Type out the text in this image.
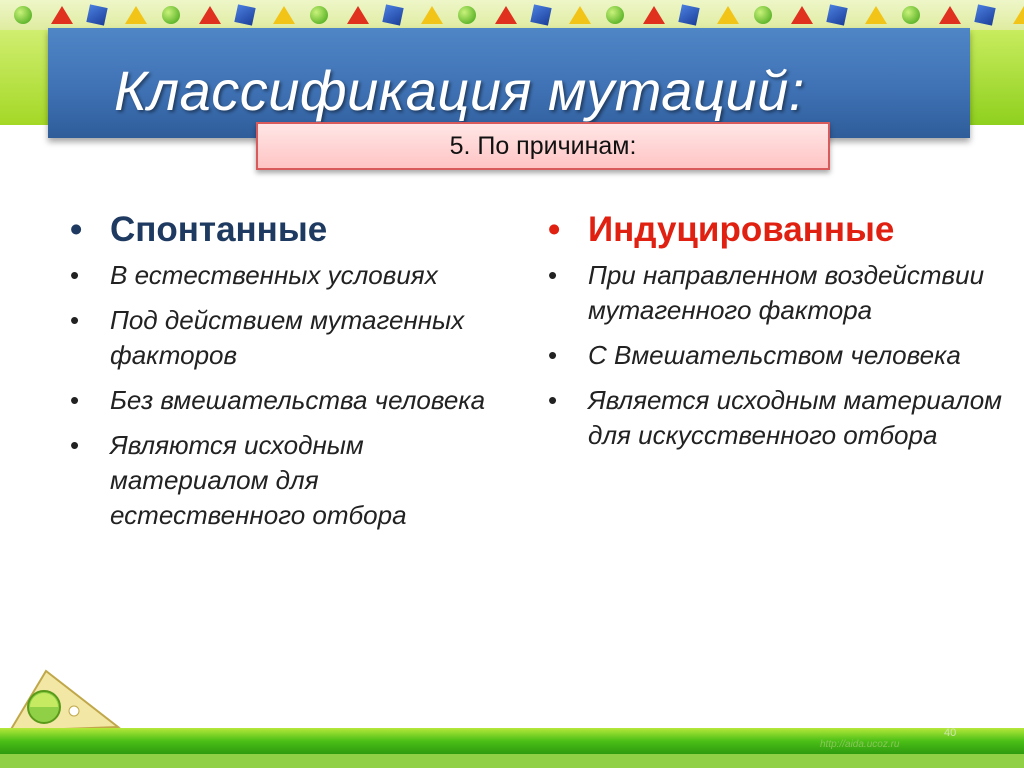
Классификация мутаций:
5. По причинам:
• Спонтанные
• В естественных условиях
• Под действием мутагенных факторов
• Без вмешательства человека
• Являются исходным материалом для естественного отбора
• Индуцированные
• При направленном воздействии мутагенного фактора
• С Вмешательством человека
• Является исходным материалом для искусственного отбора
http://aida.ucoz.ru
40
